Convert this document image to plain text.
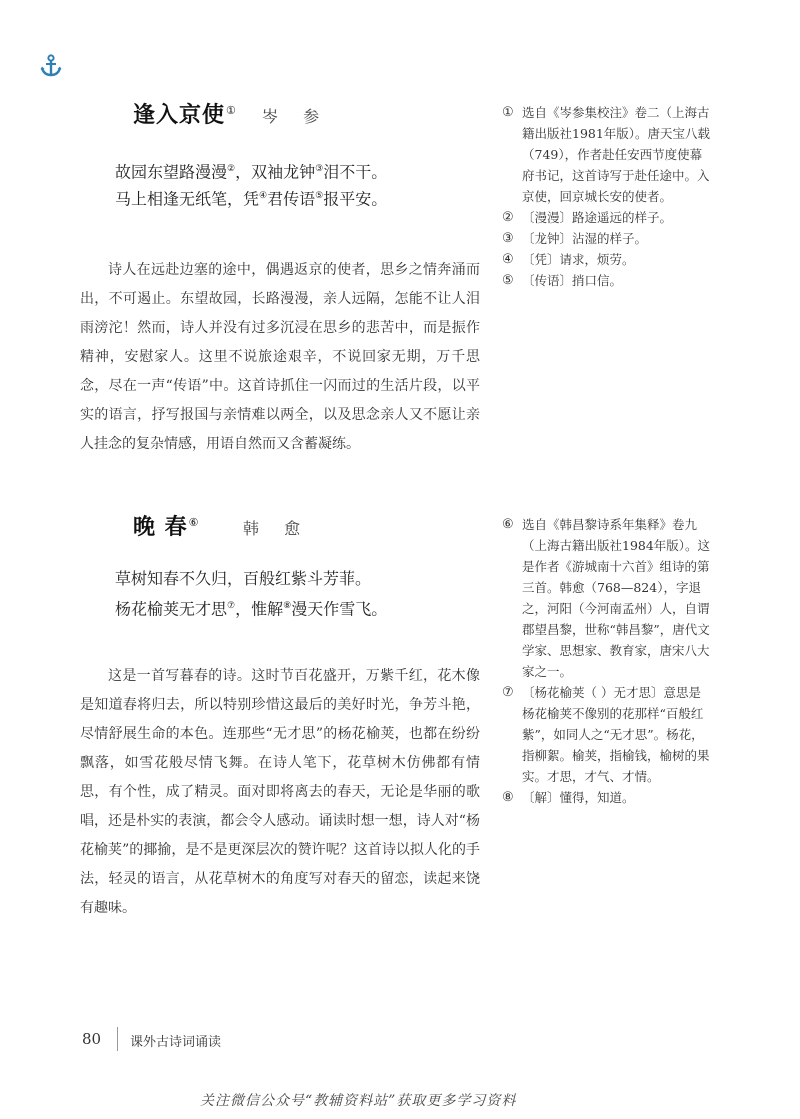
逢入京使① 岑 参
故园东望路漫漫②，双袖龙钟③泪不干。
马上相逢无纸笔，凭④君传语⑤报平安。
诗人在远赴边塞的途中，偶遇返京的使者，思乡之情奔涌而出，不可遏止。东望故园，长路漫漫，亲人远隔，怎能不让人泪雨滂沱！然而，诗人并没有过多沉浸在思乡的悲苦中，而是振作精神，安慰家人。这里不说旅途艰辛，不说回家无期，万千思念，尽在一声“传语”中。这首诗抓住一闪而过的生活片段，以平实的语言，抒写报国与亲情难以两全，以及思念亲人又不愿让亲人挂念的复杂情感，用语自然而又含蓄凝练。
① 选自《岑参集校注》卷二（上海古籍出版社1981年版）。唐天宝八载（749），作者赴任安西节度使幕府书记，这首诗写于赴任途中。入京使，回京城长安的使者。
② 〔漫漫〕路途遥远的样子。
③ 〔龙钟〕沾湿的样子。
④ 〔凭〕请求，烦劳。
⑤ 〔传语〕捎口信。
晚 春⑥	韩 愈
草树知春不久归，百般红紫斗芳菲。
杨花榆荚无才思⑦，惟解⑧漫天作雪飞。
这是一首写暮春的诗。这时节百花盛开，万紫千红，花木像是知道春将归去，所以特别珍惜这最后的美好时光，争芳斗艳，尽情舒展生命的本色。连那些“无才思”的杨花榆荚，也都在纷纷飘落，如雪花般尽情飞舞。在诗人笔下，花草树木仿佛都有情思，有个性，成了精灵。面对即将离去的春天，无论是华丽的歌唱，还是朴实的表演，都会令人感动。诵读时想一想，诗人对“杨花榆荚”的揶揄，是不是更深层次的赞许呢？这首诗以拟人化的手法，轻灵的语言，从花草树木的角度写对春天的留恋，读起来饶有趣味。
⑥ 选自《韩昌黎诗系年集释》卷九（上海古籍出版社1984年版）。这是作者《游城南十六首》组诗的第三首。韩愈（768—824），字退之，河阳（今河南孟州）人，自谓郡望昌黎，世称“韩昌黎”，唐代文学家、思想家、教育家，唐宋八大家之一。
⑦ 〔杨花榆荚（ ）无才思〕意思是杨花榆荚不像别的花那样“百般红紫”，如同人之“无才思”。杨花，指柳絮。榆荚，指榆钱，榆树的果实。才思，才气、才情。
⑧ 〔解〕懂得，知道。
80 课外古诗词诵读
关注微信公众号“教辅资料站”获取更多学习资料
